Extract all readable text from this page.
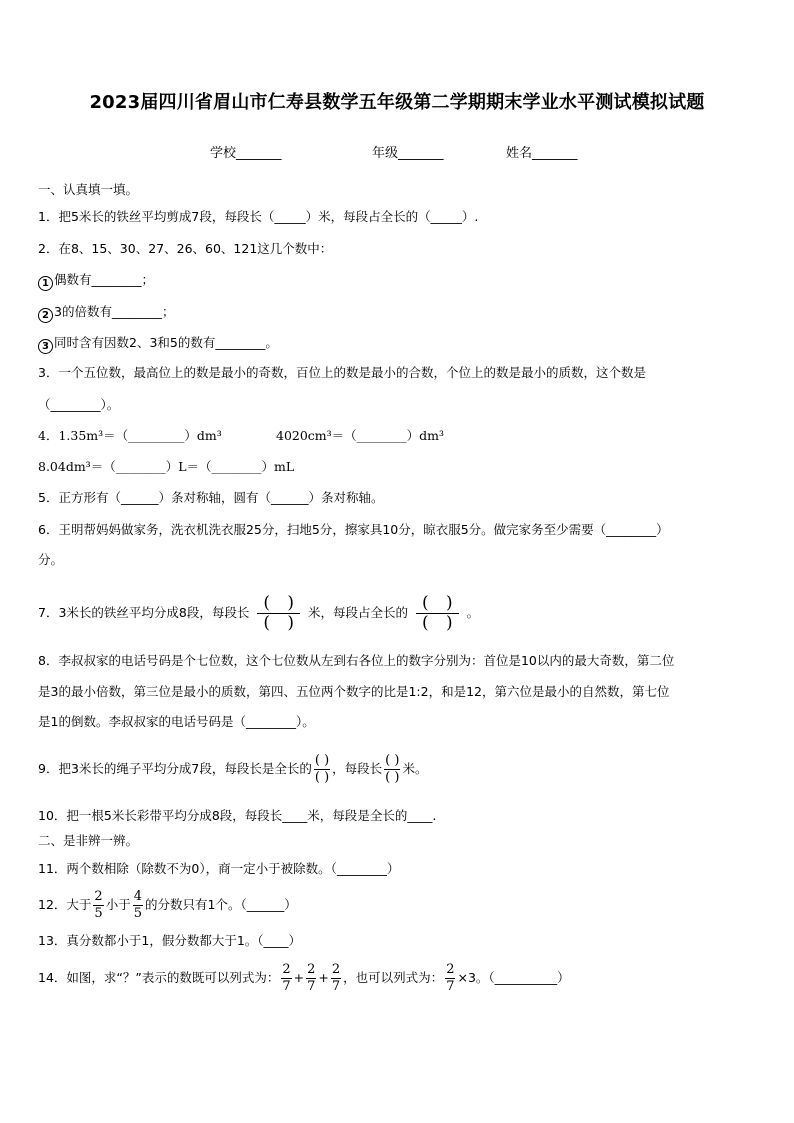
2023届四川省眉山市仁寿县数学五年级第二学期期末学业水平测试模拟试题
学校_______	年级_______	姓名_______
一、认真填一填。
1．把5米长的铁丝平均剪成7段，每段长（_____）米，每段占全长的（_____）.
2．在8、15、30、27、26、60、121这几个数中：
1 偶数有________；
2 3的倍数有________；
3 同时含有因数2、3和5的数有________。
3．一个五位数，最高位上的数是最小的奇数，百位上的数是最小的合数，个位上的数是最小的质数，这个数是
（________）。
4．1.35m³＝（_________）dm³	4020cm³＝（________）dm³
8.04dm³＝（________）L＝（________）mL
5．正方形有（______）条对称轴，圆有（______）条对称轴。
6．王明帮妈妈做家务，洗衣机洗衣服25分，扫地5分，擦家具10分，晾衣服5分。做完家务至少需要（________）
分。
7．3米长的铁丝平均分成8段，每段长 ( )
( )
米，每段占全长的 ( )
( )
。
8．李叔叔家的电话号码是个七位数，这个七位数从左到右各位上的数字分别为：首位是10以内的最大奇数，第二位
是3的最小倍数，第三位是最小的质数，第四、五位两个数字的比是1:2，和是12，第六位是最小的自然数，第七位
是1的倒数。李叔叔家的电话号码是（________）。
9．把3米长的绳子平均分成7段，每段长是全长的 $\frac{( )}{( )}$ ，每段长 $\frac{( )}{( )}$ 米。
10．把一根5米长彩带平均分成8段，每段长____米，每段是全长的____.
二、是非辨一辨。
11．两个数相除（除数不为0），商一定小于被除数。（________）
12．大于 $\frac{2}{5}$ 小于 $\frac{4}{5}$ 的分数只有1个。（______）
13．真分数都小于1，假分数都大于1。（____）
14．如图，求“？”表示的数既可以列式为： $\frac{2}{7} + \frac{2}{7} + \frac{2}{7}$ ，也可以列式为： $\frac{2}{7} \times 3$。（__________）
